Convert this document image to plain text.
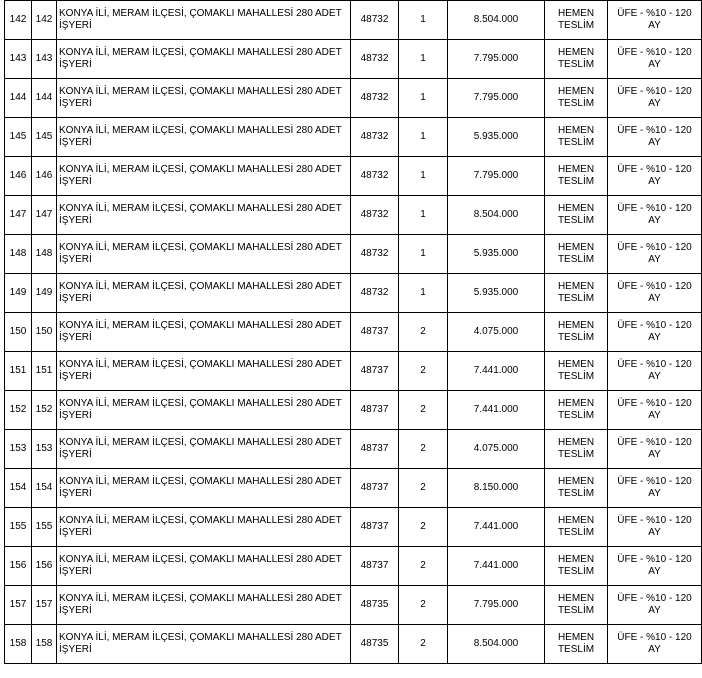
142	142	KONYA İLİ, MERAM İLÇESİ, ÇOMAKLI MAHALLESİ 280 ADET İŞYERİ	48732	1	8.504.000	HEMEN TESLİM	ÜFE - %10 - 120 AY
143	143	KONYA İLİ, MERAM İLÇESİ, ÇOMAKLI MAHALLESİ 280 ADET İŞYERİ	48732	1	7.795.000	HEMEN TESLİM	ÜFE - %10 - 120 AY
144	144	KONYA İLİ, MERAM İLÇESİ, ÇOMAKLI MAHALLESİ 280 ADET İŞYERİ	48732	1	7.795.000	HEMEN TESLİM	ÜFE - %10 - 120 AY
145	145	KONYA İLİ, MERAM İLÇESİ, ÇOMAKLI MAHALLESİ 280 ADET İŞYERİ	48732	1	5.935.000	HEMEN TESLİM	ÜFE - %10 - 120 AY
146	146	KONYA İLİ, MERAM İLÇESİ, ÇOMAKLI MAHALLESİ 280 ADET İŞYERİ	48732	1	7.795.000	HEMEN TESLİM	ÜFE - %10 - 120 AY
147	147	KONYA İLİ, MERAM İLÇESİ, ÇOMAKLI MAHALLESİ 280 ADET İŞYERİ	48732	1	8.504.000	HEMEN TESLİM	ÜFE - %10 - 120 AY
148	148	KONYA İLİ, MERAM İLÇESİ, ÇOMAKLI MAHALLESİ 280 ADET İŞYERİ	48732	1	5.935.000	HEMEN TESLİM	ÜFE - %10 - 120 AY
149	149	KONYA İLİ, MERAM İLÇESİ, ÇOMAKLI MAHALLESİ 280 ADET İŞYERİ	48732	1	5.935.000	HEMEN TESLİM	ÜFE - %10 - 120 AY
150	150	KONYA İLİ, MERAM İLÇESİ, ÇOMAKLI MAHALLESİ 280 ADET İŞYERİ	48737	2	4.075.000	HEMEN TESLİM	ÜFE - %10 - 120 AY
151	151	KONYA İLİ, MERAM İLÇESİ, ÇOMAKLI MAHALLESİ 280 ADET İŞYERİ	48737	2	7.441.000	HEMEN TESLİM	ÜFE - %10 - 120 AY
152	152	KONYA İLİ, MERAM İLÇESİ, ÇOMAKLI MAHALLESİ 280 ADET İŞYERİ	48737	2	7.441.000	HEMEN TESLİM	ÜFE - %10 - 120 AY
153	153	KONYA İLİ, MERAM İLÇESİ, ÇOMAKLI MAHALLESİ 280 ADET İŞYERİ	48737	2	4.075.000	HEMEN TESLİM	ÜFE - %10 - 120 AY
154	154	KONYA İLİ, MERAM İLÇESİ, ÇOMAKLI MAHALLESİ 280 ADET İŞYERİ	48737	2	8.150.000	HEMEN TESLİM	ÜFE - %10 - 120 AY
155	155	KONYA İLİ, MERAM İLÇESİ, ÇOMAKLI MAHALLESİ 280 ADET İŞYERİ	48737	2	7.441.000	HEMEN TESLİM	ÜFE - %10 - 120 AY
156	156	KONYA İLİ, MERAM İLÇESİ, ÇOMAKLI MAHALLESİ 280 ADET İŞYERİ	48737	2	7.441.000	HEMEN TESLİM	ÜFE - %10 - 120 AY
157	157	KONYA İLİ, MERAM İLÇESİ, ÇOMAKLI MAHALLESİ 280 ADET İŞYERİ	48735	2	7.795.000	HEMEN TESLİM	ÜFE - %10 - 120 AY
158	158	KONYA İLİ, MERAM İLÇESİ, ÇOMAKLI MAHALLESİ 280 ADET İŞYERİ	48735	2	8.504.000	HEMEN TESLİM	ÜFE - %10 - 120 AY
